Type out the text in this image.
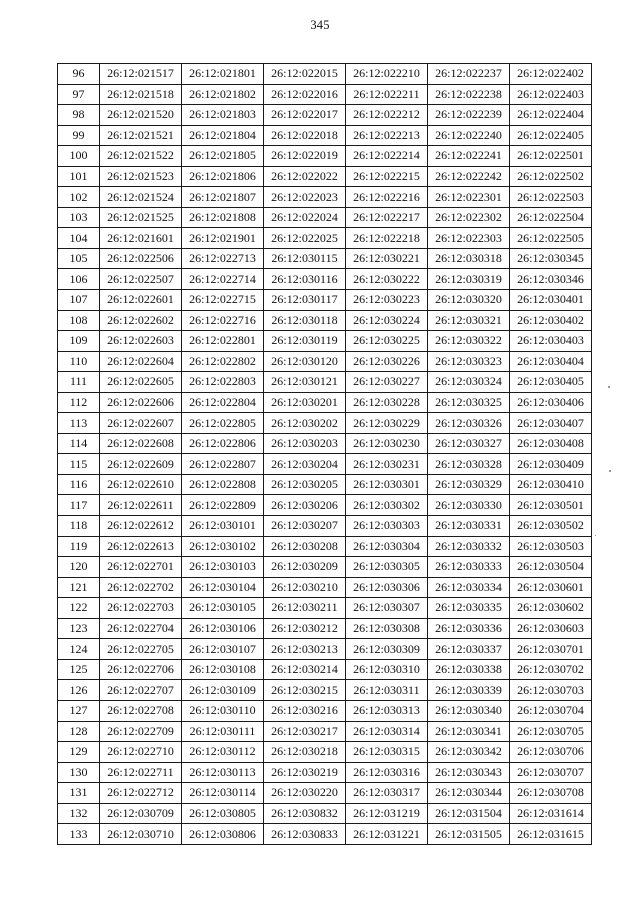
345
96	26:12:021517	26:12:021801	26:12:022015	26:12:022210	26:12:022237	26:12:022402
97	26:12:021518	26:12:021802	26:12:022016	26:12:022211	26:12:022238	26:12:022403
98	26:12:021520	26:12:021803	26:12:022017	26:12:022212	26:12:022239	26:12:022404
99	26:12:021521	26:12:021804	26:12:022018	26:12:022213	26:12:022240	26:12:022405
100	26:12:021522	26:12:021805	26:12:022019	26:12:022214	26:12:022241	26:12:022501
101	26:12:021523	26:12:021806	26:12:022022	26:12:022215	26:12:022242	26:12:022502
102	26:12:021524	26:12:021807	26:12:022023	26:12:022216	26:12:022301	26:12:022503
103	26:12:021525	26:12:021808	26:12:022024	26:12:022217	26:12:022302	26:12:022504
104	26:12:021601	26:12:021901	26:12:022025	26:12:022218	26:12:022303	26:12:022505
105	26:12:022506	26:12:022713	26:12:030115	26:12:030221	26:12:030318	26:12:030345
106	26:12:022507	26:12:022714	26:12:030116	26:12:030222	26:12:030319	26:12:030346
107	26:12:022601	26:12:022715	26:12:030117	26:12:030223	26:12:030320	26:12:030401
108	26:12:022602	26:12:022716	26:12:030118	26:12:030224	26:12:030321	26:12:030402
109	26:12:022603	26:12:022801	26:12:030119	26:12:030225	26:12:030322	26:12:030403
110	26:12:022604	26:12:022802	26:12:030120	26:12:030226	26:12:030323	26:12:030404
111	26:12:022605	26:12:022803	26:12:030121	26:12:030227	26:12:030324	26:12:030405
112	26:12:022606	26:12:022804	26:12:030201	26:12:030228	26:12:030325	26:12:030406
113	26:12:022607	26:12:022805	26:12:030202	26:12:030229	26:12:030326	26:12:030407
114	26:12:022608	26:12:022806	26:12:030203	26:12:030230	26:12:030327	26:12:030408
115	26:12:022609	26:12:022807	26:12:030204	26:12:030231	26:12:030328	26:12:030409
116	26:12:022610	26:12:022808	26:12:030205	26:12:030301	26:12:030329	26:12:030410
117	26:12:022611	26:12:022809	26:12:030206	26:12:030302	26:12:030330	26:12:030501
118	26:12:022612	26:12:030101	26:12:030207	26:12:030303	26:12:030331	26:12:030502
119	26:12:022613	26:12:030102	26:12:030208	26:12:030304	26:12:030332	26:12:030503
120	26:12:022701	26:12:030103	26:12:030209	26:12:030305	26:12:030333	26:12:030504
121	26:12:022702	26:12:030104	26:12:030210	26:12:030306	26:12:030334	26:12:030601
122	26:12:022703	26:12:030105	26:12:030211	26:12:030307	26:12:030335	26:12:030602
123	26:12:022704	26:12:030106	26:12:030212	26:12:030308	26:12:030336	26:12:030603
124	26:12:022705	26:12:030107	26:12:030213	26:12:030309	26:12:030337	26:12:030701
125	26:12:022706	26:12:030108	26:12:030214	26:12:030310	26:12:030338	26:12:030702
126	26:12:022707	26:12:030109	26:12:030215	26:12:030311	26:12:030339	26:12:030703
127	26:12:022708	26:12:030110	26:12:030216	26:12:030313	26:12:030340	26:12:030704
128	26:12:022709	26:12:030111	26:12:030217	26:12:030314	26:12:030341	26:12:030705
129	26:12:022710	26:12:030112	26:12:030218	26:12:030315	26:12:030342	26:12:030706
130	26:12:022711	26:12:030113	26:12:030219	26:12:030316	26:12:030343	26:12:030707
131	26:12:022712	26:12:030114	26:12:030220	26:12:030317	26:12:030344	26:12:030708
132	26:12:030709	26:12:030805	26:12:030832	26:12:031219	26:12:031504	26:12:031614
133	26:12:030710	26:12:030806	26:12:030833	26:12:031221	26:12:031505	26:12:031615
